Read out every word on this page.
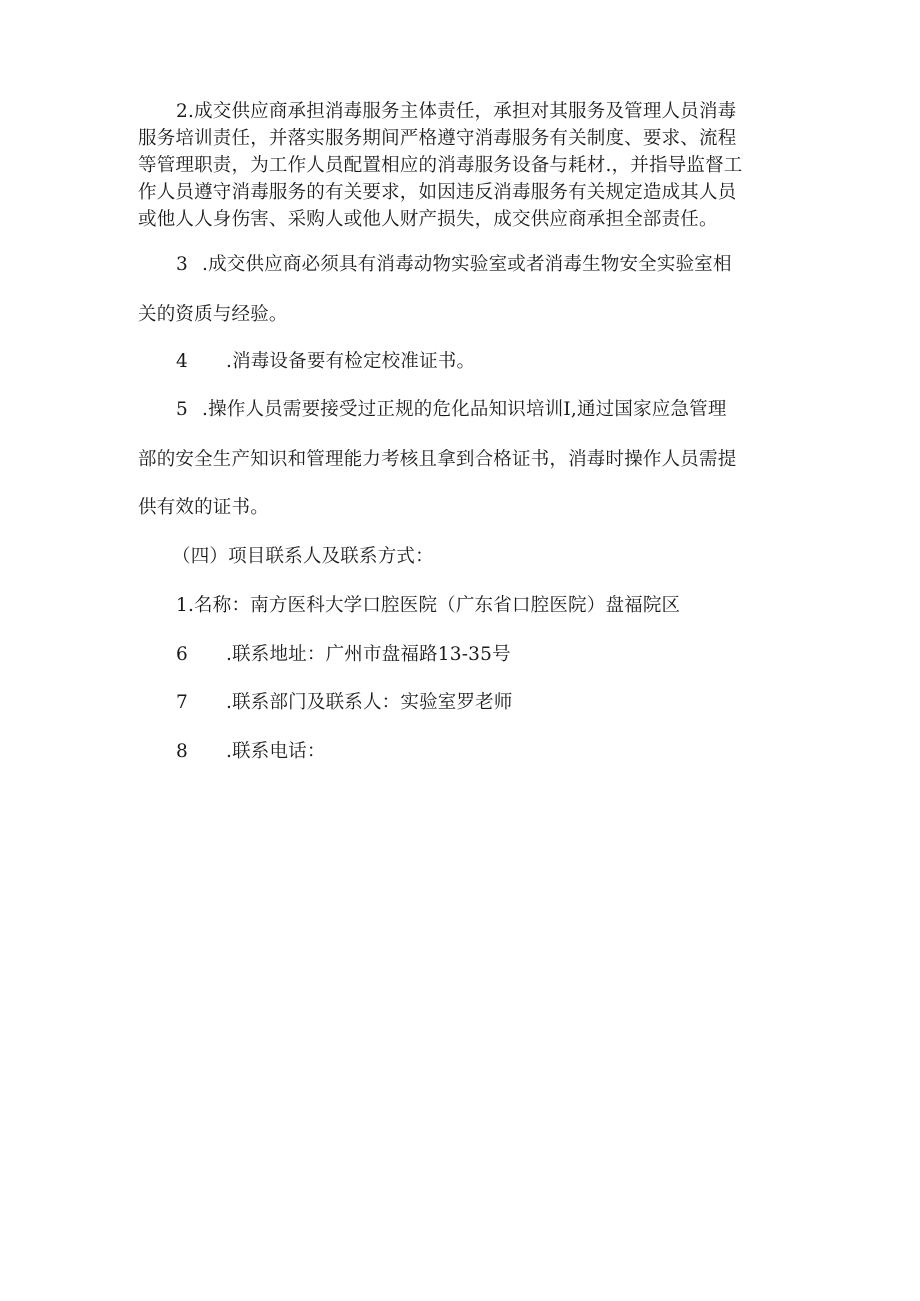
2.成交供应商承担消毒服务主体责任，承担对其服务及管理人员消毒
服务培训责任，并落实服务期间严格遵守消毒服务有关制度、要求、流程
等管理职责，为工作人员配置相应的消毒服务设备与耗材.，并指导监督工
作人员遵守消毒服务的有关要求，如因违反消毒服务有关规定造成其人员
或他人人身伤害、采购人或他人财产损失，成交供应商承担全部责任。

3 .成交供应商必须具有消毒动物实验室或者消毒生物安全实验室相

关的资质与经验。

4 .消毒设备要有检定校准证书。

5 .操作人员需要接受过正规的危化品知识培训I,通过国家应急管理

部的安全生产知识和管理能力考核且拿到合格证书，消毒时操作人员需提

供有效的证书。

（四）项目联系人及联系方式：

1.名称：南方医科大学口腔医院（广东省口腔医院）盘福院区

6 .联系地址：广州市盘福路13-35号

7 .联系部门及联系人：实验室罗老师

8 .联系电话：
